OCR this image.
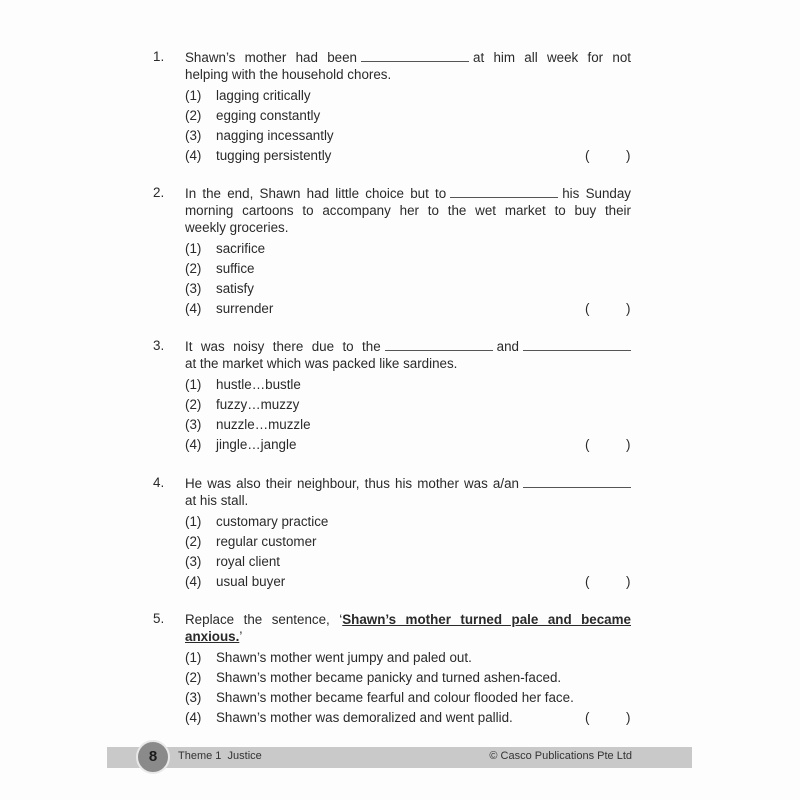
1. Shawn’s mother had been	at him all week for not
helping with the household chores.
(1) lagging critically
(2) egging constantly
(3) nagging incessantly
(4) tugging persistently	(	)
2. In the end, Shawn had little choice but to	his Sunday
morning cartoons to accompany her to the wet market to buy their
weekly groceries.
(1) sacrifice
(2) suffice
(3) satisfy
(4) surrender	(	)
3. It was noisy there due to the	and
at the market which was packed like sardines.
(1) hustle…bustle
(2) fuzzy…muzzy
(3) nuzzle…muzzle
(4) jingle…jangle	(	)
4. He was also their neighbour, thus his mother was a/an
at his stall.
(1) customary practice
(2) regular customer
(3) royal client
(4) usual buyer	(	)
5. Replace the sentence, ‘Shawn’s mother turned pale and became
anxious.’
(1) Shawn’s mother went jumpy and paled out.
(2) Shawn’s mother became panicky and turned ashen-faced.
(3) Shawn’s mother became fearful and colour flooded her face.
(4) Shawn’s mother was demoralized and went pallid.	(	)
8	Theme 1  Justice	© Casco Publications Pte Ltd
